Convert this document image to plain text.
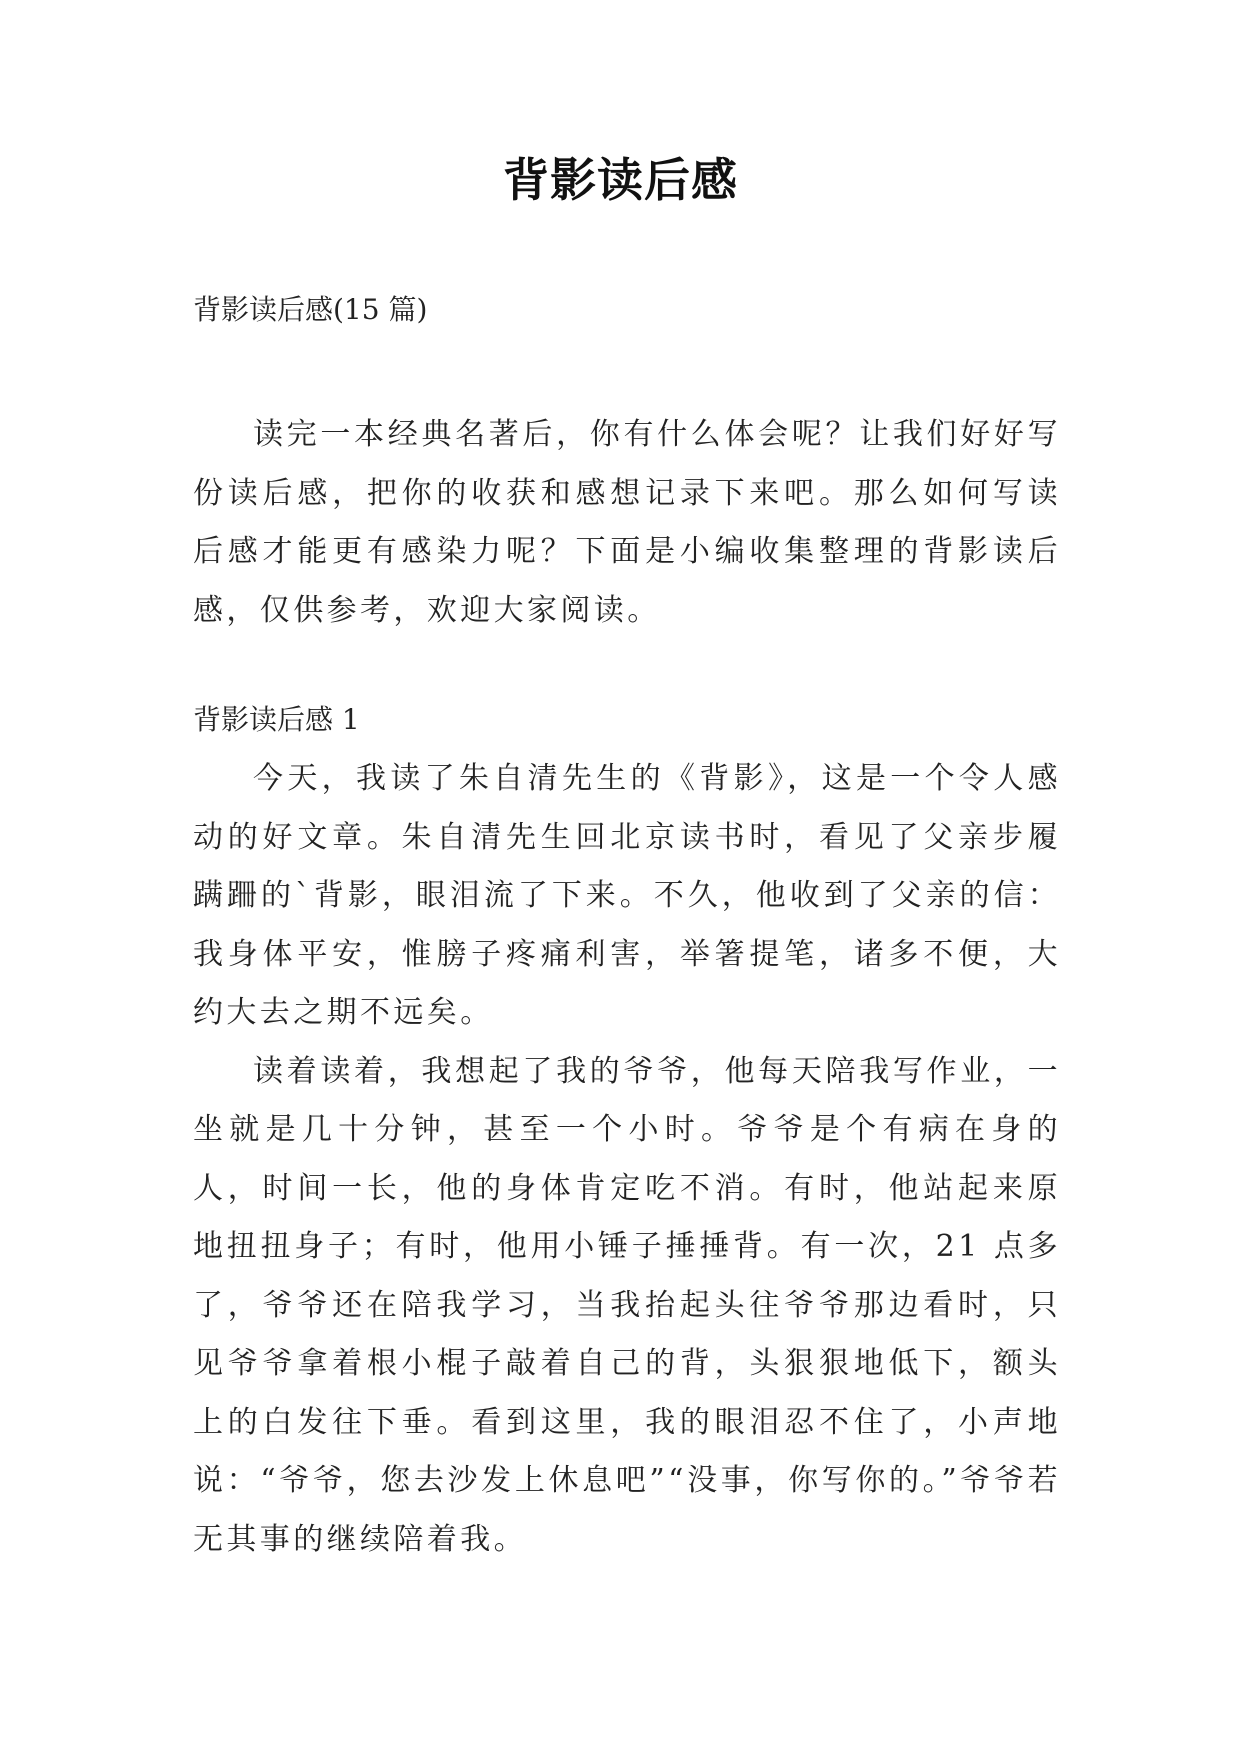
背影读后感
背影读后感(15 篇)

读完一本经典名著后，你有什么体会呢？让我们好好写份读后感，把你的收获和感想记录下来吧。那么如何写读后感才能更有感染力呢？下面是小编收集整理的背影读后感，仅供参考，欢迎大家阅读。

背影读后感 1

今天，我读了朱自清先生的《背影》，这是一个令人感动的好文章。朱自清先生回北京读书时，看见了父亲步履蹒跚的`背影，眼泪流了下来。不久，他收到了父亲的信：我身体平安，惟膀子疼痛利害，举箸提笔，诸多不便，大约大去之期不远矣。

读着读着，我想起了我的爷爷，他每天陪我写作业，一坐就是几十分钟，甚至一个小时。爷爷是个有病在身的人，时间一长，他的身体肯定吃不消。有时，他站起来原地扭扭身子；有时，他用小锤子捶捶背。有一次，21 点多了，爷爷还在陪我学习，当我抬起头往爷爷那边看时，只见爷爷拿着根小棍子敲着自己的背，头狠狠地低下，额头上的白发往下垂。看到这里，我的眼泪忍不住了，小声地说：“爷爷，您去沙发上休息吧”“没事，你写你的。”爷爷若无其事的继续陪着我。
